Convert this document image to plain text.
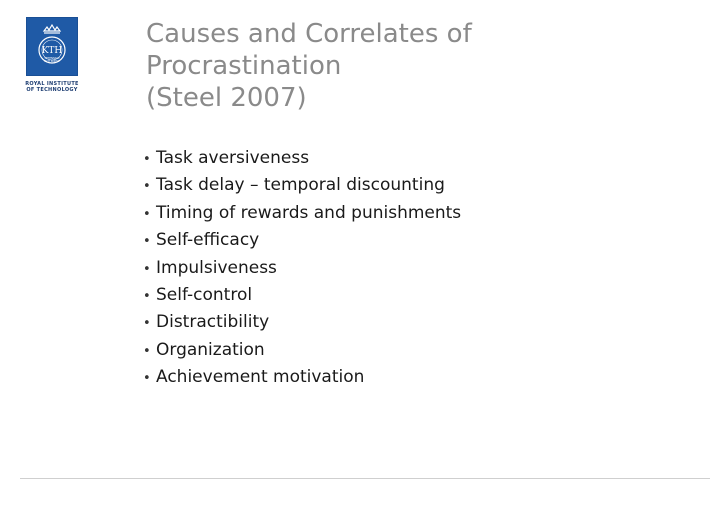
KTH
VETENSKAP
OCH KONST
ROYAL INSTITUTE
OF TECHNOLOGY
Causes and Correlates of
Procrastination
(Steel 2007)
• Task aversiveness
• Task delay – temporal discounting
• Timing of rewards and punishments
• Self-efficacy
• Impulsiveness
• Self-control
• Distractibility
• Organization
• Achievement motivation
